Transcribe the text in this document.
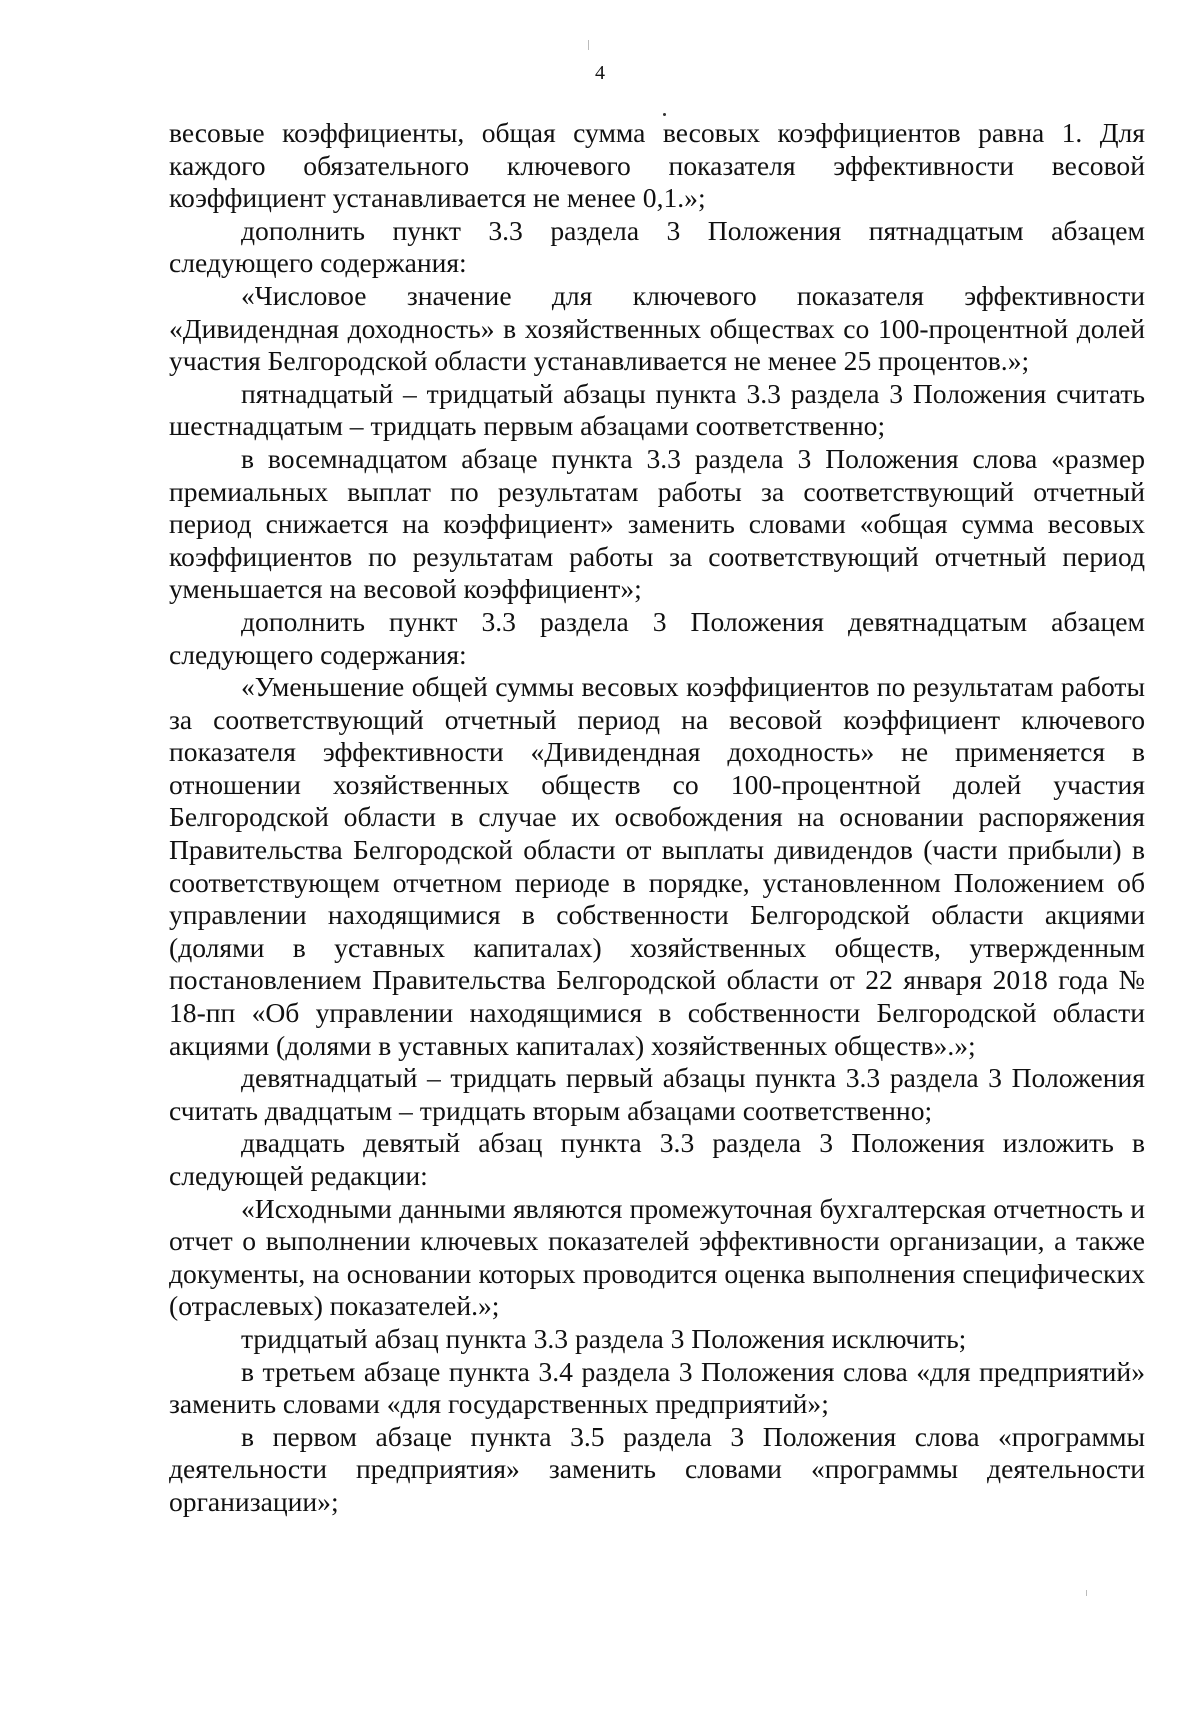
4

весовые коэффициенты, общая сумма весовых коэффициентов равна 1. Для каждого обязательного ключевого показателя эффективности весовой коэффициент устанавливается не менее 0,1.»;

дополнить пункт 3.3 раздела 3 Положения пятнадцатым абзацем следующего содержания:

«Числовое значение для ключевого показателя эффективности «Дивидендная доходность» в хозяйственных обществах со 100-процентной долей участия Белгородской области устанавливается не менее 25 процентов.»;

пятнадцатый – тридцатый абзацы пункта 3.3 раздела 3 Положения считать шестнадцатым – тридцать первым абзацами соответственно;

в восемнадцатом абзаце пункта 3.3 раздела 3 Положения слова «размер премиальных выплат по результатам работы за соответствующий отчетный период снижается на коэффициент» заменить словами «общая сумма весовых коэффициентов по результатам работы за соответствующий отчетный период уменьшается на весовой коэффициент»;

дополнить пункт 3.3 раздела 3 Положения девятнадцатым абзацем следующего содержания:

«Уменьшение общей суммы весовых коэффициентов по результатам работы за соответствующий отчетный период на весовой коэффициент ключевого показателя эффективности «Дивидендная доходность» не применяется в отношении хозяйственных обществ со 100-процентной долей участия Белгородской области в случае их освобождения на основании распоряжения Правительства Белгородской области от выплаты дивидендов (части прибыли) в соответствующем отчетном периоде в порядке, установленном Положением об управлении находящимися в собственности Белгородской области акциями (долями в уставных капиталах) хозяйственных обществ, утвержденным постановлением Правительства Белгородской области от 22 января 2018 года № 18-пп «Об управлении находящимися в собственности Белгородской области акциями (долями в уставных капиталах) хозяйственных обществ».»;

девятнадцатый – тридцать первый абзацы пункта 3.3 раздела 3 Положения считать двадцатым – тридцать вторым абзацами соответственно;

двадцать девятый абзац пункта 3.3 раздела 3 Положения изложить в следующей редакции:

«Исходными данными являются промежуточная бухгалтерская отчетность и отчет о выполнении ключевых показателей эффективности организации, а также документы, на основании которых проводится оценка выполнения специфических (отраслевых) показателей.»;

тридцатый абзац пункта 3.3 раздела 3 Положения исключить;

в третьем абзаце пункта 3.4 раздела 3 Положения слова «для предприятий» заменить словами «для государственных предприятий»;

в первом абзаце пункта 3.5 раздела 3 Положения слова «программы деятельности предприятия» заменить словами «программы деятельности организации»;
